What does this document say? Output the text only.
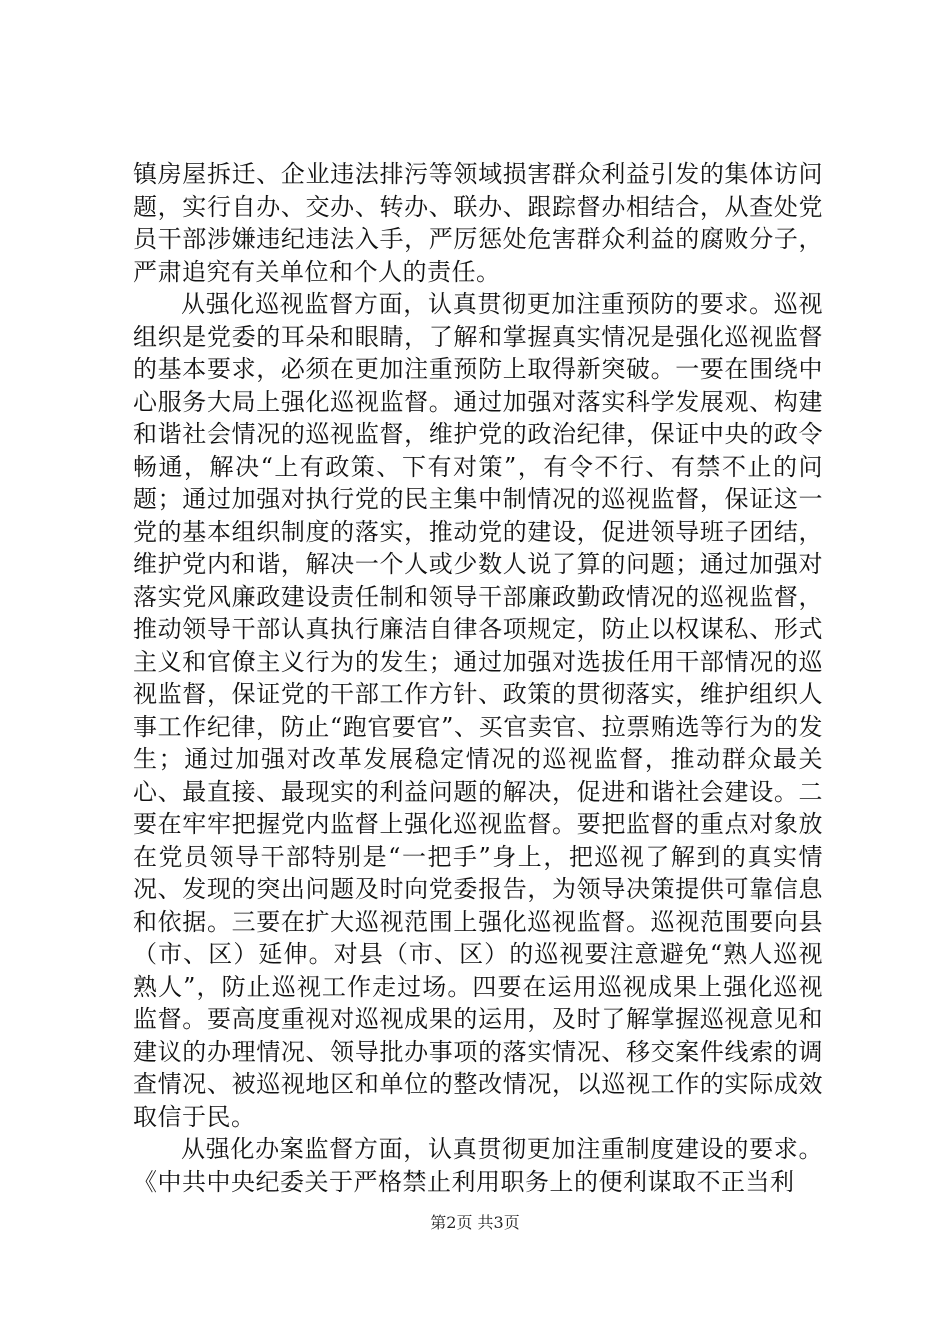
镇房屋拆迁、企业违法排污等领域损害群众利益引发的集体访问题，实行自办、交办、转办、联办、跟踪督办相结合，从查处党员干部涉嫌违纪违法入手，严厉惩处危害群众利益的腐败分子，严肃追究有关单位和个人的责任。

从强化巡视监督方面，认真贯彻更加注重预防的要求。巡视组织是党委的耳朵和眼睛，了解和掌握真实情况是强化巡视监督的基本要求，必须在更加注重预防上取得新突破。一要在围绕中心服务大局上强化巡视监督。通过加强对落实科学发展观、构建和谐社会情况的巡视监督，维护党的政治纪律，保证中央的政令畅通，解决“上有政策、下有对策”，有令不行、有禁不止的问题；通过加强对执行党的民主集中制情况的巡视监督，保证这一党的基本组织制度的落实，推动党的建设，促进领导班子团结，维护党内和谐，解决一个人或少数人说了算的问题；通过加强对落实党风廉政建设责任制和领导干部廉政勤政情况的巡视监督，推动领导干部认真执行廉洁自律各项规定，防止以权谋私、形式主义和官僚主义行为的发生；通过加强对选拔任用干部情况的巡视监督，保证党的干部工作方针、政策的贯彻落实，维护组织人事工作纪律，防止“跑官要官”、买官卖官、拉票贿选等行为的发生；通过加强对改革发展稳定情况的巡视监督，推动群众最关心、最直接、最现实的利益问题的解决，促进和谐社会建设。二要在牢牢把握党内监督上强化巡视监督。要把监督的重点对象放在党员领导干部特别是“一把手”身上，把巡视了解到的真实情况、发现的突出问题及时向党委报告，为领导决策提供可靠信息和依据。三要在扩大巡视范围上强化巡视监督。巡视范围要向县（市、区）延伸。对县（市、区）的巡视要注意避免“熟人巡视熟人”，防止巡视工作走过场。四要在运用巡视成果上强化巡视监督。要高度重视对巡视成果的运用，及时了解掌握巡视意见和建议的办理情况、领导批办事项的落实情况、移交案件线索的调查情况、被巡视地区和单位的整改情况，以巡视工作的实际成效取信于民。

从强化办案监督方面，认真贯彻更加注重制度建设的要求。《中共中央纪委关于严格禁止利用职务上的便利谋取不正当利

第2页 共3页
